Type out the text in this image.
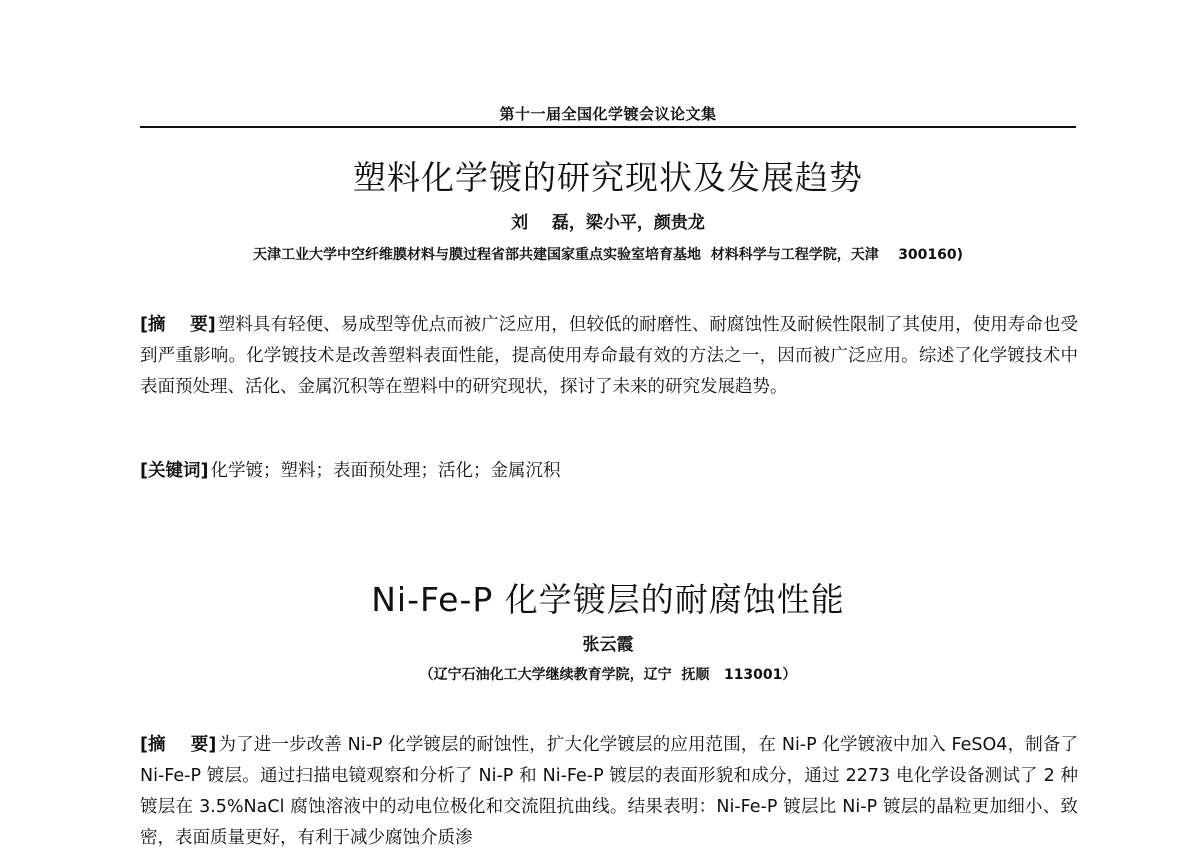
第十一届全国化学镀会议论文集
塑料化学镀的研究现状及发展趋势
刘    磊，梁小平，颜贵龙
天津工业大学中空纤维膜材料与膜过程省部共建国家重点实验室培育基地  材料科学与工程学院，天津    300160)
[摘    要] 塑料具有轻便、易成型等优点而被广泛应用，但较低的耐磨性、耐腐蚀性及耐候性限制了其使用，使用寿命也受到严重影响。化学镀技术是改善塑料表面性能，提高使用寿命最有效的方法之一，因而被广泛应用。综述了化学镀技术中表面预处理、活化、金属沉积等在塑料中的研究现状，探讨了未来的研究发展趋势。
[关键词] 化学镀；塑料；表面预处理；活化；金属沉积
Ni-Fe-P 化学镀层的耐腐蚀性能
张云霞
（辽宁石油化工大学继续教育学院，辽宁  抚顺   113001）
[摘    要] 为了进一步改善 Ni-P 化学镀层的耐蚀性，扩大化学镀层的应用范围，在 Ni-P 化学镀液中加入 FeSO4，制备了 Ni-Fe-P 镀层。通过扫描电镜观察和分析了 Ni-P 和 Ni-Fe-P 镀层的表面形貌和成分，通过 2273 电化学设备测试了 2 种镀层在 3.5%NaCl 腐蚀溶液中的动电位极化和交流阻抗曲线。结果表明：Ni-Fe-P 镀层比 Ni-P 镀层的晶粒更加细小、致密，表面质量更好，有利于减少腐蚀介质渗
